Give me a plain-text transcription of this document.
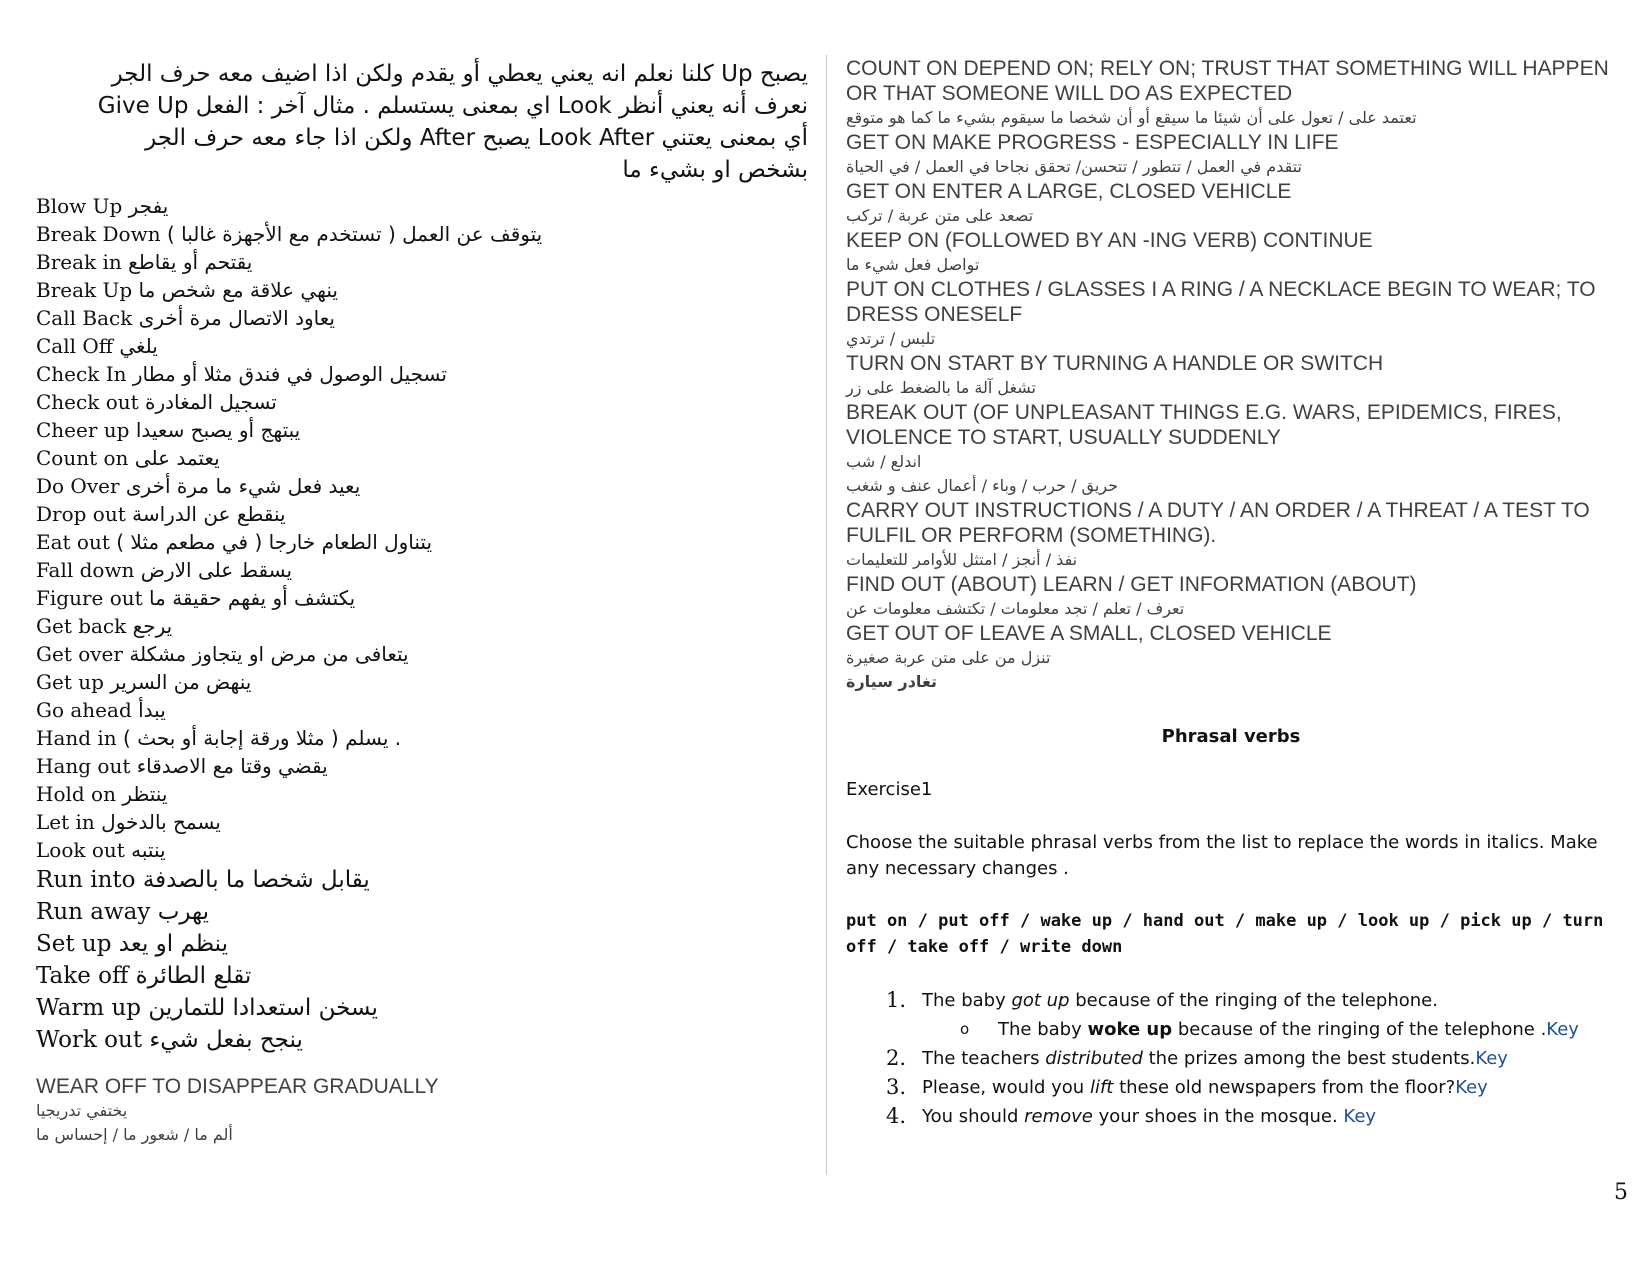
يصبح Up كلنا نعلم انه يعني يعطي أو يقدم ولكن اذا اضيف معه حرف الجر
نعرف أنه يعني أنظر Look اي بمعنى يستسلم . مثال آخر : الفعل Give Up
أي بمعنى يعتني Look After يصبح After ولكن اذا جاء معه حرف الجر
بشخص او بشيء ما
Blow Up يفجر
Break Down يتوقف عن العمل ( تستخدم مع الأجهزة غالبا )
Break in يقتحم أو يقاطع
Break Up ينهي علاقة مع شخص ما
Call Back يعاود الاتصال مرة أخرى
Call Off يلغي
Check In تسجيل الوصول في فندق مثلا أو مطار
Check out تسجيل المغادرة
Cheer up يبتهج أو يصبح سعيدا
Count on يعتمد على
Do Over يعيد فعل شيء ما مرة أخرى
Drop out ينقطع عن الدراسة
Eat out يتناول الطعام خارجا ( في مطعم مثلا )
Fall down يسقط على الارض
Figure out يكتشف أو يفهم حقيقة ما
Get back يرجع
Get over يتعافى من مرض او يتجاوز مشكلة
Get up ينهض من السرير
Go ahead يبدأ
Hand in يسلم ( مثلا ورقة إجابة أو بحث ) .
Hang out يقضي وقتا مع الاصدقاء
Hold on ينتظر
Let in يسمح بالدخول
Look out ينتبه
Run into يقابل شخصا ما بالصدفة
Run away يهرب
Set up ينظم او يعد
Take off تقلع الطائرة
Warm up يسخن استعدادا للتمارين
Work out ينجح بفعل شيء
WEAR OFF TO DISAPPEAR GRADUALLY
يختفي تدريجيا
ألم ما / شعور ما / إحساس ما
COUNT ON DEPEND ON; RELY ON; TRUST THAT SOMETHING WILL HAPPEN OR THAT SOMEONE WILL DO AS EXPECTED
تعتمد على / تعول على أن شيئا ما سيقع أو أن شخصا ما سيقوم بشيء ما كما هو متوقع
GET ON MAKE PROGRESS - ESPECIALLY IN LIFE
تتقدم في العمل / تتطور / تتحسن/ تحقق نجاحا في العمل / في الحياة
GET ON ENTER A LARGE, CLOSED VEHICLE
تصعد على متن عربة / تركب
KEEP ON (FOLLOWED BY AN -ING VERB) CONTINUE
تواصل فعل شيء ما
PUT ON CLOTHES / GLASSES I A RING / A NECKLACE BEGIN TO WEAR; TO DRESS ONESELF
تلبس / ترتدي
TURN ON START BY TURNING A HANDLE OR SWITCH
تشغل آلة ما بالضغط على زر
BREAK OUT (OF UNPLEASANT THINGS E.G. WARS, EPIDEMICS, FIRES, VIOLENCE TO START, USUALLY SUDDENLY
اندلع / شب
حريق / حرب / وباء / أعمال عنف و شغب
CARRY OUT INSTRUCTIONS / A DUTY / AN ORDER / A THREAT / A TEST TO FULFIL OR PERFORM (SOMETHING).
نفذ / أنجز / امتثل للأوامر للتعليمات
FIND OUT (ABOUT) LEARN / GET INFORMATION (ABOUT)
تعرف / تعلم / تجد معلومات / تكتشف معلومات عن
GET OUT OF LEAVE A SMALL, CLOSED VEHICLE
تنزل من على متن عربة صغيرة
تغادر سيارة
Phrasal verbs
Exercise1
Choose the suitable phrasal verbs from the list to replace the words in italics. Make any necessary changes .
put on / put off / wake up / hand out / make up / look up / pick up / turn off / take off / write down
1. The baby got up because of the ringing of the telephone.
o The baby woke up because of the ringing of the telephone .Key
2. The teachers distributed the prizes among the best students.Key
3. Please, would you lift these old newspapers from the floor?Key
4. You should remove your shoes in the mosque. Key
5
